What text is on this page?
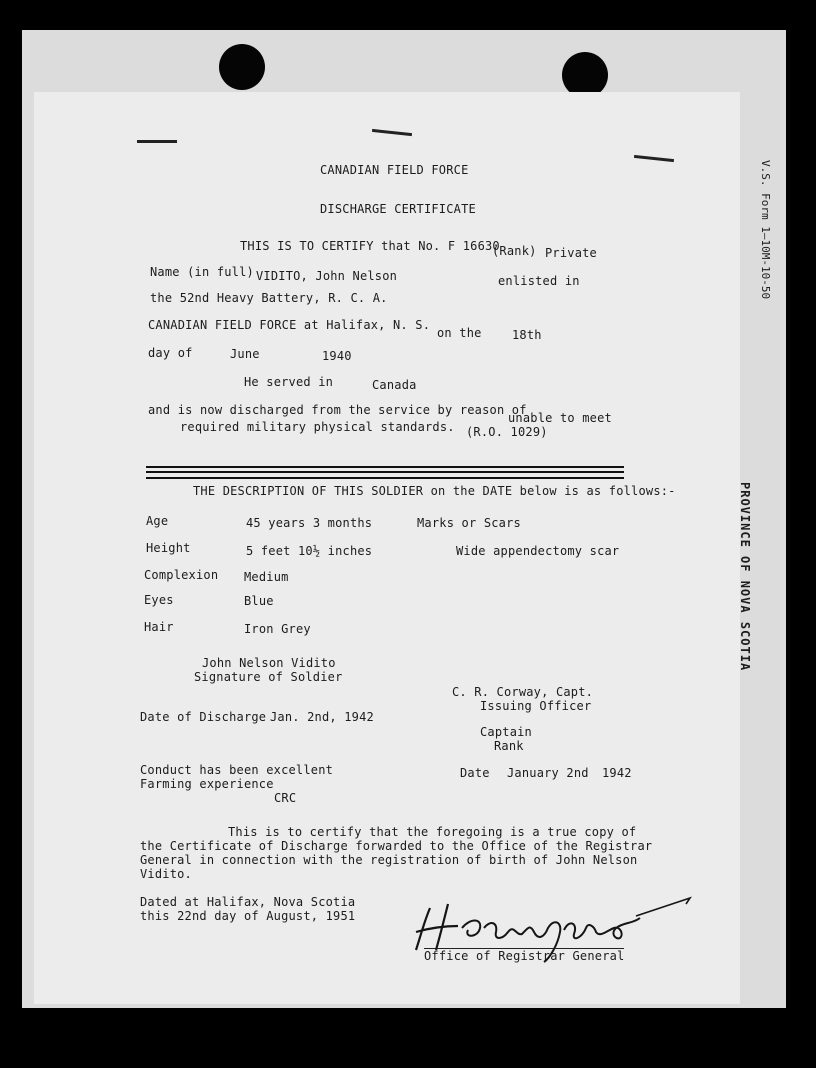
V.S. Form 1—10M-10-50
PROVINCE OF NOVA SCOTIA
CANADIAN FIELD FORCE
DISCHARGE CERTIFICATE
THIS IS TO CERTIFY that No. F 16630
(Rank) Private
Name (in full) VIDITO, John Nelson	enlisted in
the 52nd Heavy Battery, R. C. A.
CANADIAN FIELD FORCE at Halifax, N. S.
on the	18th
day of	June	1940
He served in	Canada
and is now discharged from the service by reason of
unable to meet
required military physical standards. (R.O. 1029)
THE DESCRIPTION OF THIS SOLDIER on the DATE below is as follows:-
Age	45 years 3 months	Marks or Scars
Height	5 feet 10½ inches	Wide appendectomy scar
Complexion Medium
Eyes	Blue
Hair	Iron Grey
John Nelson Vidito
Signature of Soldier
C. R. Corway, Capt.
Issuing Officer
Date of Discharge Jan. 2nd, 1942
Captain
Rank
Conduct has been excellent	Date January 2nd 1942
Farming experience
CRC
This is to certify that the foregoing is a true copy of
the Certificate of Discharge forwarded to the Office of the Registrar
General in connection with the registration of birth of John Nelson
Vidito.
Dated at Halifax, Nova Scotia
this 22nd day of August, 1951
Office of Registrar General
